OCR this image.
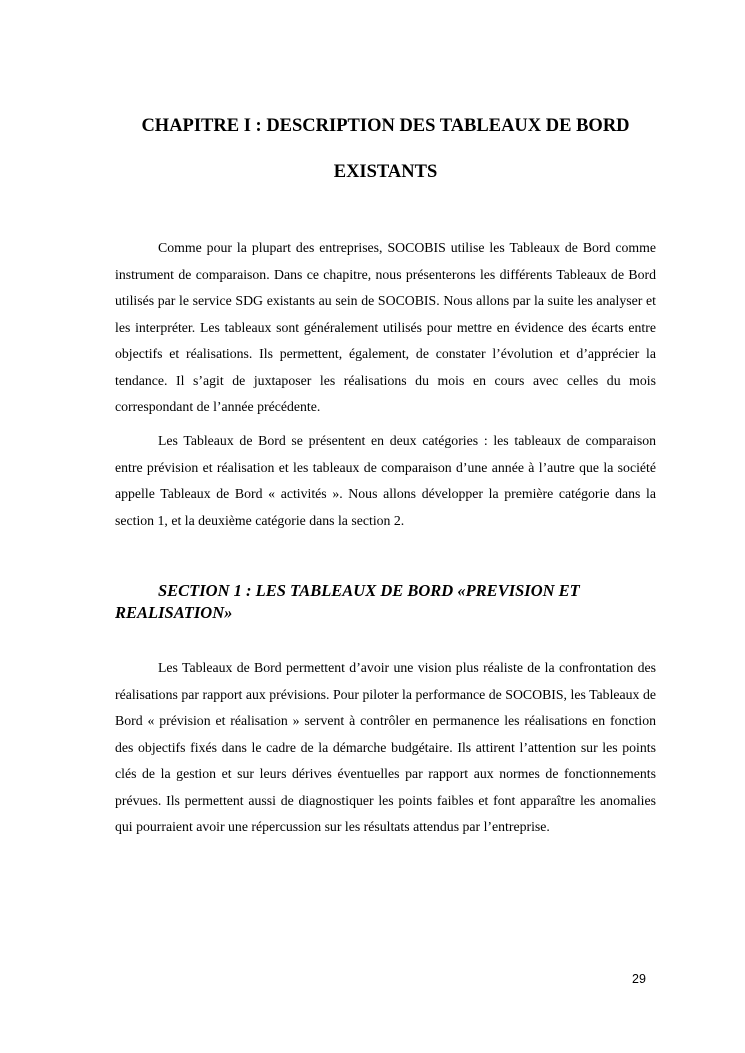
CHAPITRE I : DESCRIPTION DES TABLEAUX DE BORD
EXISTANTS

Comme pour la plupart des entreprises, SOCOBIS utilise les Tableaux de Bord comme instrument de comparaison. Dans ce chapitre, nous présenterons les différents Tableaux de Bord utilisés par le service SDG existants au sein de SOCOBIS. Nous allons par la suite les analyser et les interpréter. Les tableaux sont généralement utilisés pour mettre en évidence des écarts entre objectifs et réalisations. Ils permettent, également, de constater l’évolution et d’apprécier la tendance. Il s’agit de juxtaposer les réalisations du mois en cours avec celles du mois correspondant de l’année précédente.

Les Tableaux de Bord se présentent en deux catégories : les tableaux de comparaison entre prévision et réalisation et les tableaux de comparaison d’une année à l’autre que la société appelle Tableaux de Bord « activités ». Nous allons développer la première catégorie dans la section 1, et la deuxième catégorie dans la section 2.

SECTION 1 : LES TABLEAUX DE BORD «PREVISION ET REALISATION»

Les Tableaux de Bord permettent d’avoir une vision plus réaliste de la confrontation des réalisations par rapport aux prévisions. Pour piloter la performance de SOCOBIS, les Tableaux de Bord « prévision et réalisation » servent à contrôler en permanence les réalisations en fonction des objectifs fixés dans le cadre de la démarche budgétaire. Ils attirent l’attention sur les points clés de la gestion et sur leurs dérives éventuelles par rapport aux normes de fonctionnements prévues. Ils permettent aussi de diagnostiquer les points faibles et font apparaître les anomalies qui pourraient avoir une répercussion sur les résultats attendus par l’entreprise.

29
